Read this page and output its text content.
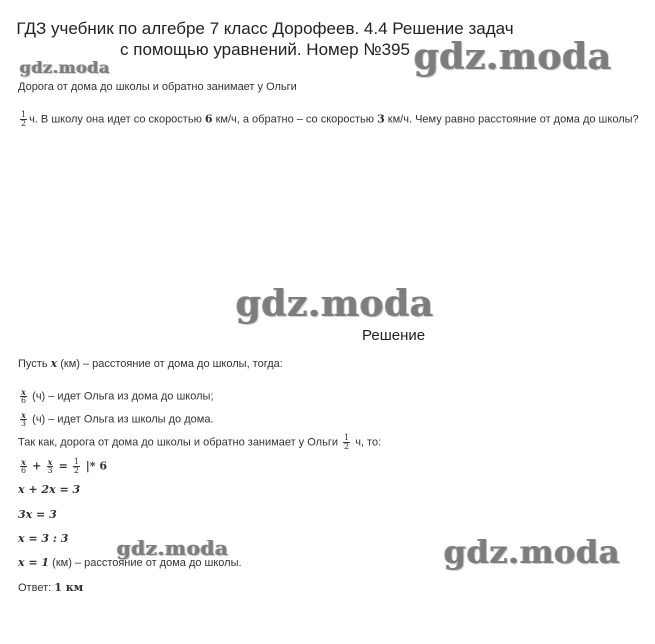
ГДЗ учебник по алгебре 7 класс Дорофеев. 4.4 Решение задач
с помощью уравнений. Номер №395 gdz.moda
gdz.moda
gdz.moda
gdz.moda	gdz.moda
Дорога от дома до школы и обратно занимает у Ольги
$\frac{1}{2} ч$. В школу она идет со скоростью 6 км/ч, а обратно – со скоростью 3 км/ч. Чему равно расстояние от дома до школы?
Решение
Пусть x (км) – расстояние от дома до школы, тогда:
$\frac{x}{6} (ч)$ – идет Ольга из дома до школы;
$\frac{x}{3} (ч)$ – идет Ольга из школы до дома.
Так как, дорога от дома до школы и обратно занимает у Ольги $\frac{1}{2} ч$, то:
$\frac{x}{6} + \frac{x}{3} = \frac{1}{2}$ |* 6
x + 2x = 3
3x = 3
x = 3 : 3
x = 1 (км) – расстояние от дома до школы.
Ответ: 1 км
